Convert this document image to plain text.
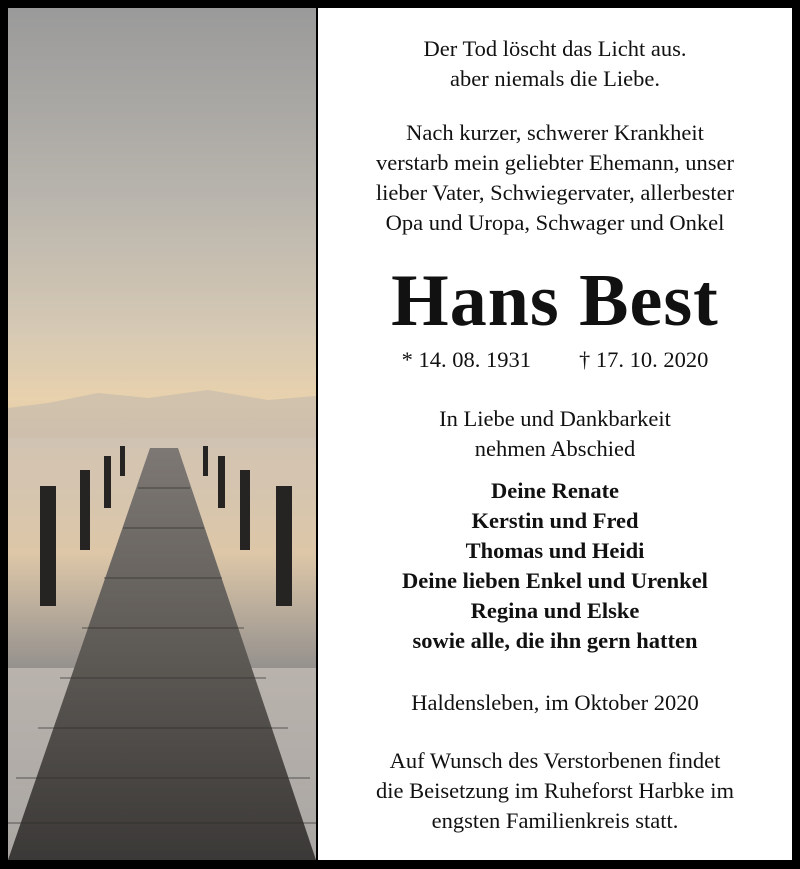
Der Tod löscht das Licht aus.
aber niemals die Liebe.
Nach kurzer, schwerer Krankheit
verstarb mein geliebter Ehemann, unser
lieber Vater, Schwiegervater, allerbester
Opa und Uropa, Schwager und Onkel
Hans Best
* 14. 08. 1931 † 17. 10. 2020
In Liebe und Dankbarkeit
nehmen Abschied
Deine Renate
Kerstin und Fred
Thomas und Heidi
Deine lieben Enkel und Urenkel
Regina und Elske
sowie alle, die ihn gern hatten
Haldensleben, im Oktober 2020
Auf Wunsch des Verstorbenen findet
die Beisetzung im Ruheforst Harbke im
engsten Familienkreis statt.
